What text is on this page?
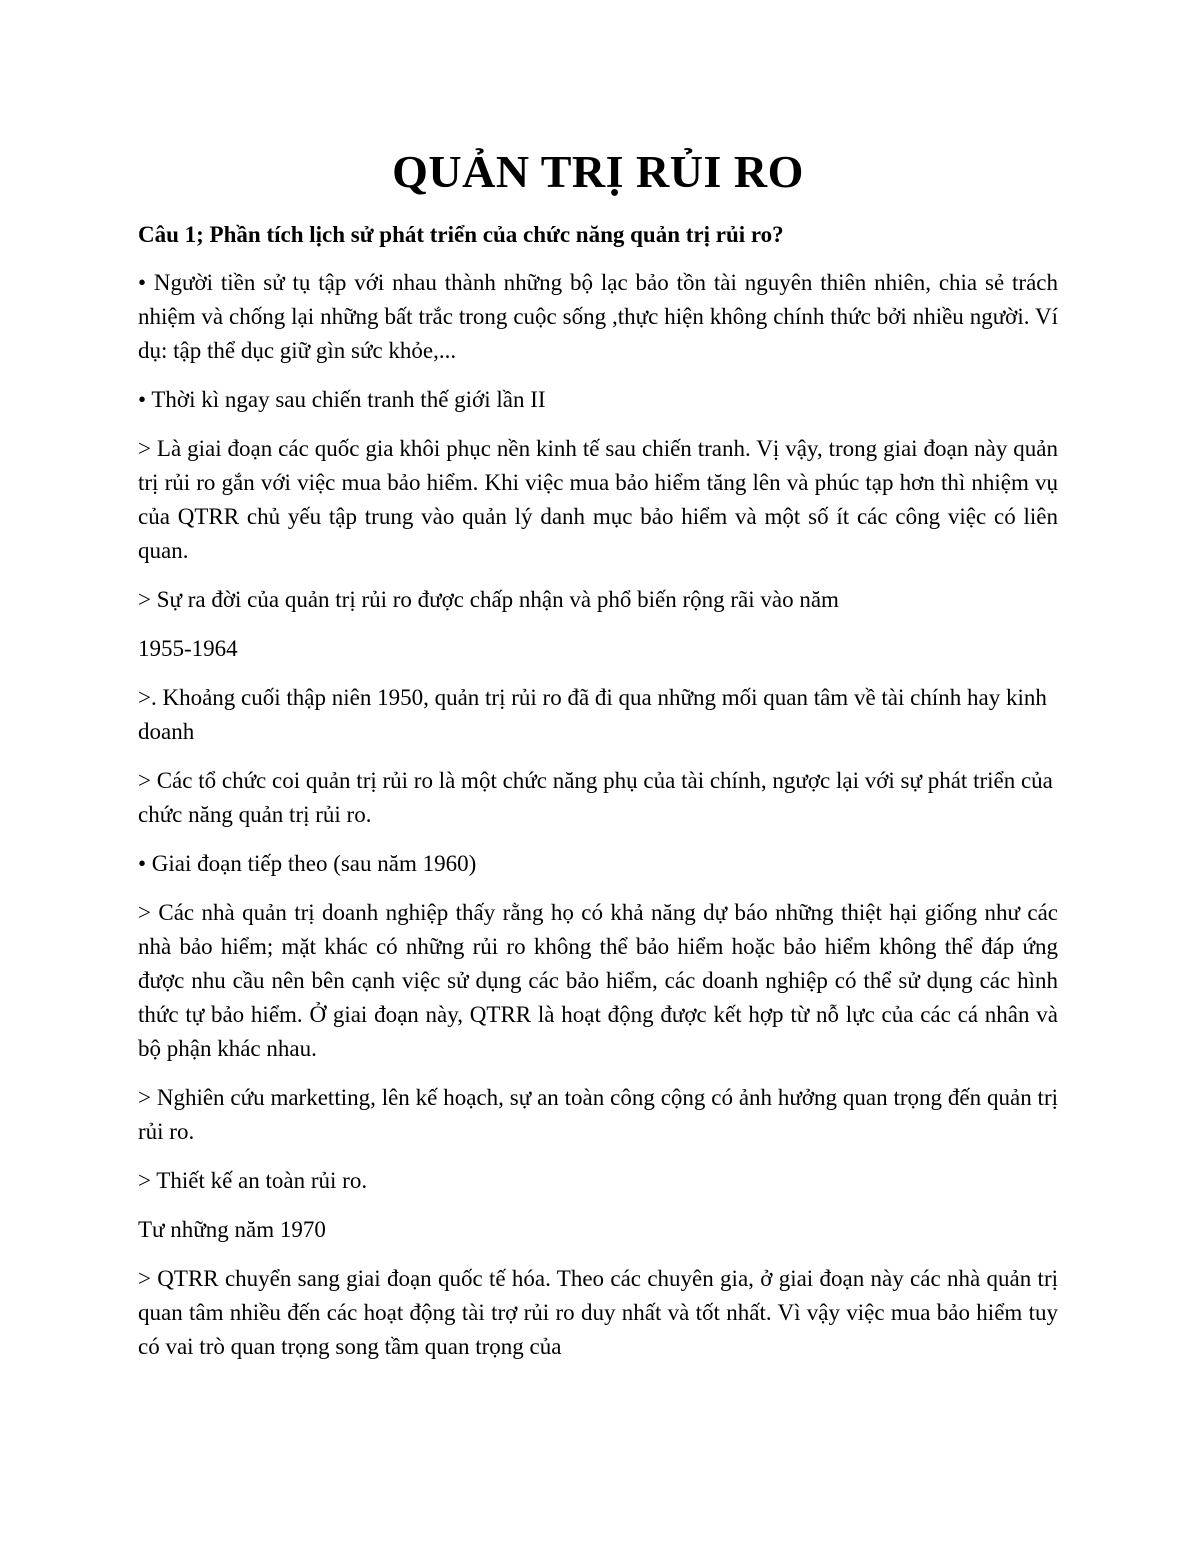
QUẢN TRỊ RỦI RO

Câu 1; Phần tích lịch sử phát triển của chức năng quản trị rủi ro?

• Người tiền sử tụ tập với nhau thành những bộ lạc bảo tồn tài nguyên thiên nhiên, chia sẻ trách nhiệm và chống lại những bất trắc trong cuộc sống ,thực hiện không chính thức bởi nhiều người. Ví dụ: tập thể dục giữ gìn sức khỏe,...

• Thời kì ngay sau chiến tranh thế giới lần II

> Là giai đoạn các quốc gia khôi phục nền kinh tế sau chiến tranh. Vị vậy, trong giai đoạn này quản trị rủi ro gắn với việc mua bảo hiểm. Khi việc mua bảo hiểm tăng lên và phúc tạp hơn thì nhiệm vụ của QTRR chủ yếu tập trung vào quản lý danh mục bảo hiểm và một số ít các công việc có liên quan.

> Sự ra đời của quản trị rủi ro được chấp nhận và phổ biến rộng rãi vào năm

1955-1964

>. Khoảng cuối thập niên 1950, quản trị rủi ro đã đi qua những mối quan tâm về tài chính hay kinh doanh

> Các tổ chức coi quản trị rủi ro là một chức năng phụ của tài chính, ngược lại với sự phát triển của chức năng quản trị rủi ro.

• Giai đoạn tiếp theo (sau năm 1960)

> Các nhà quản trị doanh nghiệp thấy rằng họ có khả năng dự báo những thiệt hại giống như các nhà bảo hiểm; mặt khác có những rủi ro không thể bảo hiểm hoặc bảo hiểm không thể đáp ứng được nhu cầu nên bên cạnh việc sử dụng các bảo hiểm, các doanh nghiệp có thể sử dụng các hình thức tự bảo hiểm. Ở giai đoạn này, QTRR là hoạt động được kết hợp từ nỗ lực của các cá nhân và bộ phận khác nhau.

> Nghiên cứu marketting, lên kế hoạch, sự an toàn công cộng có ảnh hưởng quan trọng đến quản trị rủi ro.

> Thiết kế an toàn rủi ro.

Tư những năm 1970

> QTRR chuyển sang giai đoạn quốc tế hóa. Theo các chuyên gia, ở giai đoạn này các nhà quản trị quan tâm nhiều đến các hoạt động tài trợ rủi ro duy nhất và tốt nhất. Vì vậy việc mua bảo hiểm tuy có vai trò quan trọng song tầm quan trọng của
